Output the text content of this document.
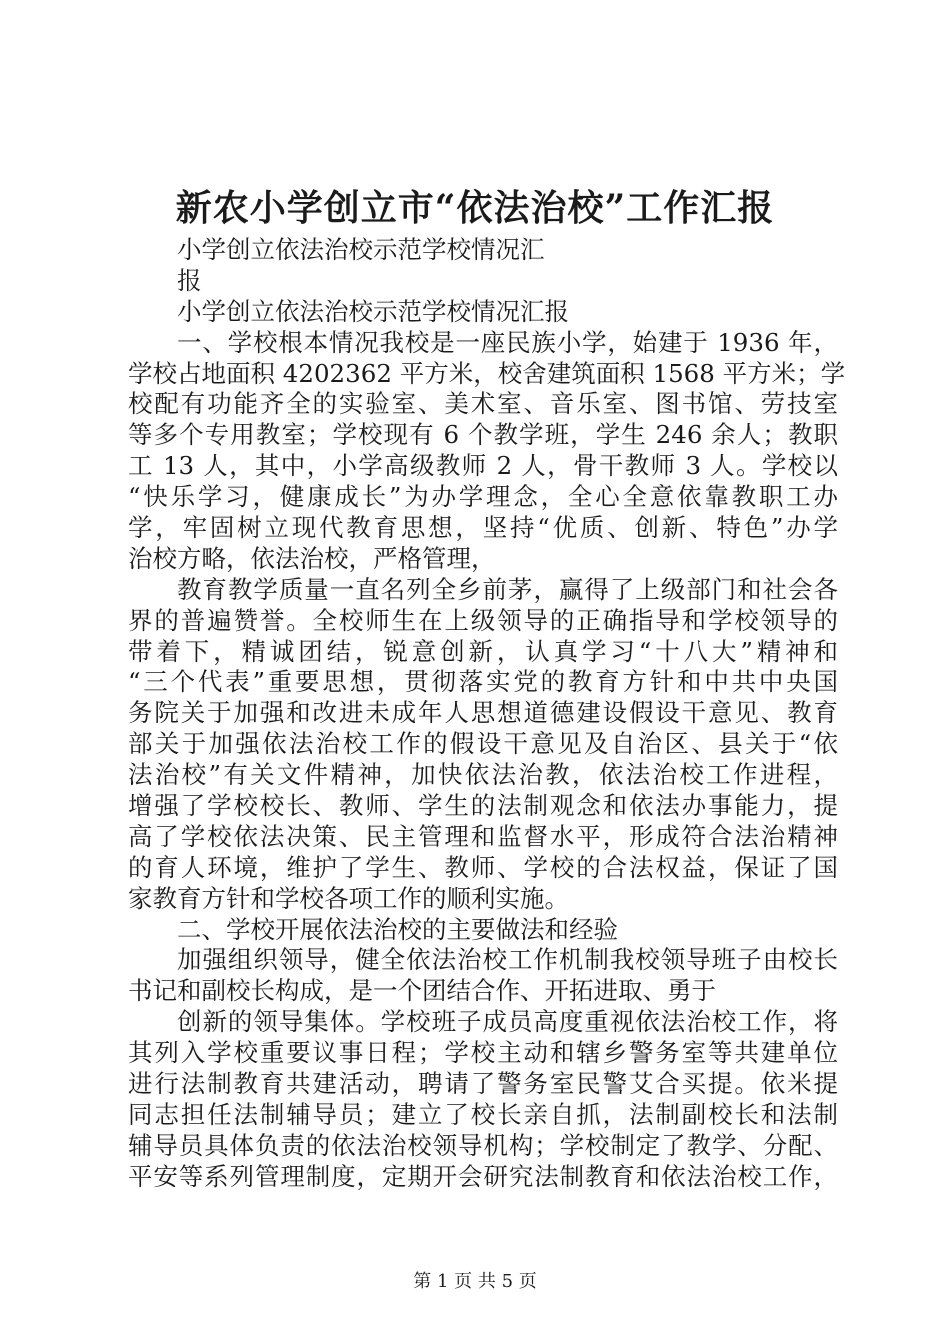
新农小学创立市“依法治校”工作汇报
小学创立依法治校示范学校情况汇
报
小学创立依法治校示范学校情况汇报
一、学校根本情况我校是一座民族小学，始建于 1936 年，
学校占地面积 4202362 平方米，校舍建筑面积 1568 平方米；学
校配有功能齐全的实验室、美术室、音乐室、图书馆、劳技室
等多个专用教室；学校现有 6 个教学班，学生 246 余人；教职
工 13 人，其中，小学高级教师 2 人，骨干教师 3 人。学校以
“快乐学习，健康成长”为办学理念，全心全意依靠教职工办
学，牢固树立现代教育思想，坚持“优质、创新、特色”办学
治校方略，依法治校，严格管理，
教育教学质量一直名列全乡前茅，赢得了上级部门和社会各
界的普遍赞誉。全校师生在上级领导的正确指导和学校领导的
带着下，精诚团结，锐意创新，认真学习“十八大”精神和
“三个代表”重要思想，贯彻落实党的教育方针和中共中央国
务院关于加强和改进未成年人思想道德建设假设干意见、教育
部关于加强依法治校工作的假设干意见及自治区、县关于“依
法治校”有关文件精神，加快依法治教，依法治校工作进程，
增强了学校校长、教师、学生的法制观念和依法办事能力，提
高了学校依法决策、民主管理和监督水平，形成符合法治精神
的育人环境，维护了学生、教师、学校的合法权益，保证了国
家教育方针和学校各项工作的顺利实施。
二、学校开展依法治校的主要做法和经验
加强组织领导，健全依法治校工作机制我校领导班子由校长
书记和副校长构成，是一个团结合作、开拓进取、勇于
创新的领导集体。学校班子成员高度重视依法治校工作，将
其列入学校重要议事日程；学校主动和辖乡警务室等共建单位
进行法制教育共建活动，聘请了警务室民警艾合买提。依米提
同志担任法制辅导员；建立了校长亲自抓，法制副校长和法制
辅导员具体负责的依法治校领导机构；学校制定了教学、分配、
平安等系列管理制度，定期开会研究法制教育和依法治校工作，
第 1 页 共 5 页
